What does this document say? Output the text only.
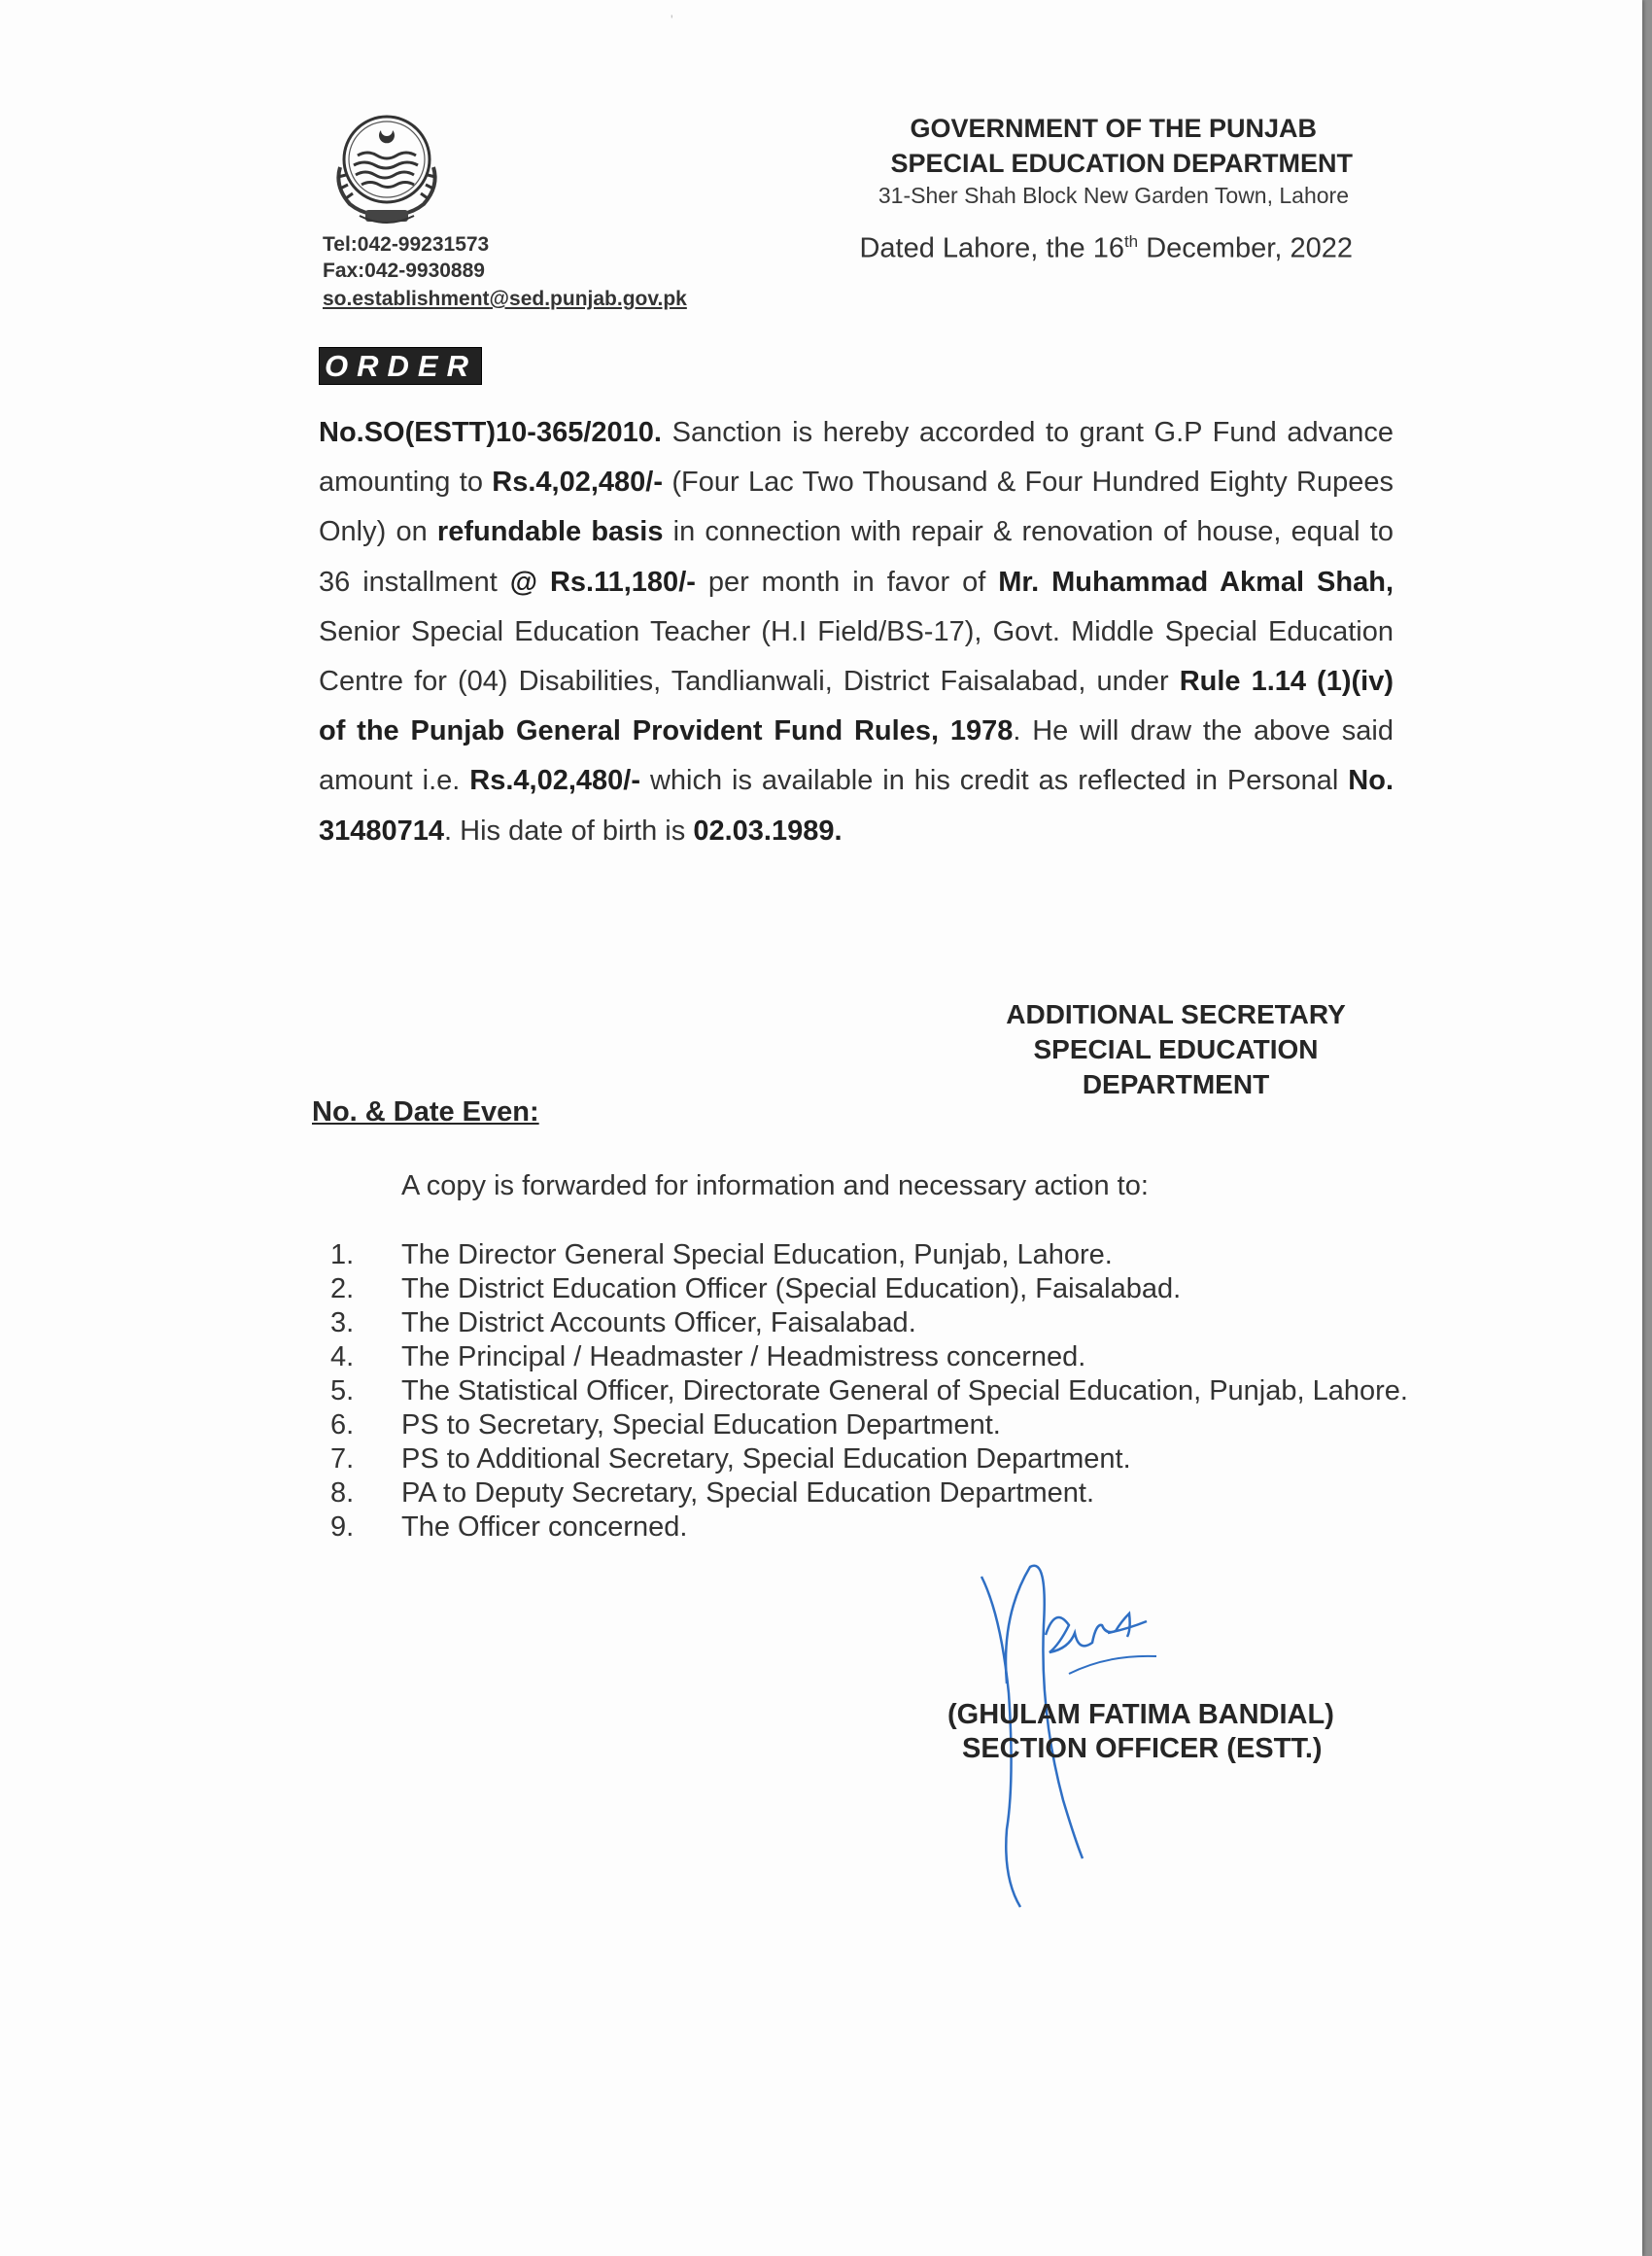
'
Tel:042-99231573
Fax:042-9930889
so.establishment@sed.punjab.gov.pk
GOVERNMENT OF THE PUNJAB
SPECIAL EDUCATION DEPARTMENT
31-Sher Shah Block New Garden Town, Lahore
Dated Lahore, the 16th December, 2022
ORDER

No.SO(ESTT)10-365/2010. Sanction is hereby accorded to grant G.P Fund advance amounting to Rs.4,02,480/- (Four Lac Two Thousand & Four Hundred Eighty Rupees Only) on refundable basis in connection with repair & renovation of house, equal to 36 installment @ Rs.11,180/- per month in favor of Mr. Muhammad Akmal Shah, Senior Special Education Teacher (H.I Field/BS-17), Govt. Middle Special Education Centre for (04) Disabilities, Tandlianwali, District Faisalabad, under Rule 1.14 (1)(iv) of the Punjab General Provident Fund Rules, 1978. He will draw the above said amount i.e. Rs.4,02,480/- which is available in his credit as reflected in Personal No. 31480714. His date of birth is 02.03.1989.

ADDITIONAL SECRETARY
SPECIAL EDUCATION
DEPARTMENT
No. & Date Even:
A copy is forwarded for information and necessary action to:
1. The Director General Special Education, Punjab, Lahore.
2. The District Education Officer (Special Education), Faisalabad.
3. The District Accounts Officer, Faisalabad.
4. The Principal / Headmaster / Headmistress concerned.
5. The Statistical Officer, Directorate General of Special Education, Punjab, Lahore.
6. PS to Secretary, Special Education Department.
7. PS to Additional Secretary, Special Education Department.
8. PA to Deputy Secretary, Special Education Department.
9. The Officer concerned.
(GHULAM FATIMA BANDIAL)
SECTION OFFICER (ESTT.)
